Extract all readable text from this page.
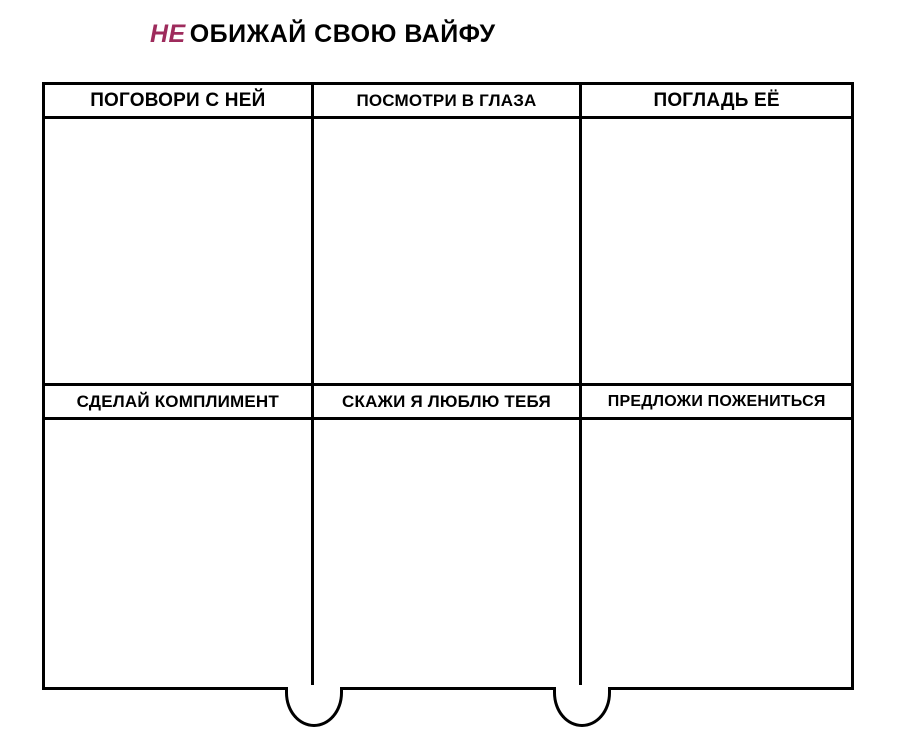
НЕ ОБИЖАЙ СВОЮ ВАЙФУ
ПОГОВОРИ С НЕЙ	ПОСМОТРИ В ГЛАЗА	ПОГЛАДЬ ЕЁ
СДЕЛАЙ КОМПЛИМЕНТ	СКАЖИ Я ЛЮБЛЮ ТЕБЯ	ПРЕДЛОЖИ ПОЖЕНИТЬСЯ
